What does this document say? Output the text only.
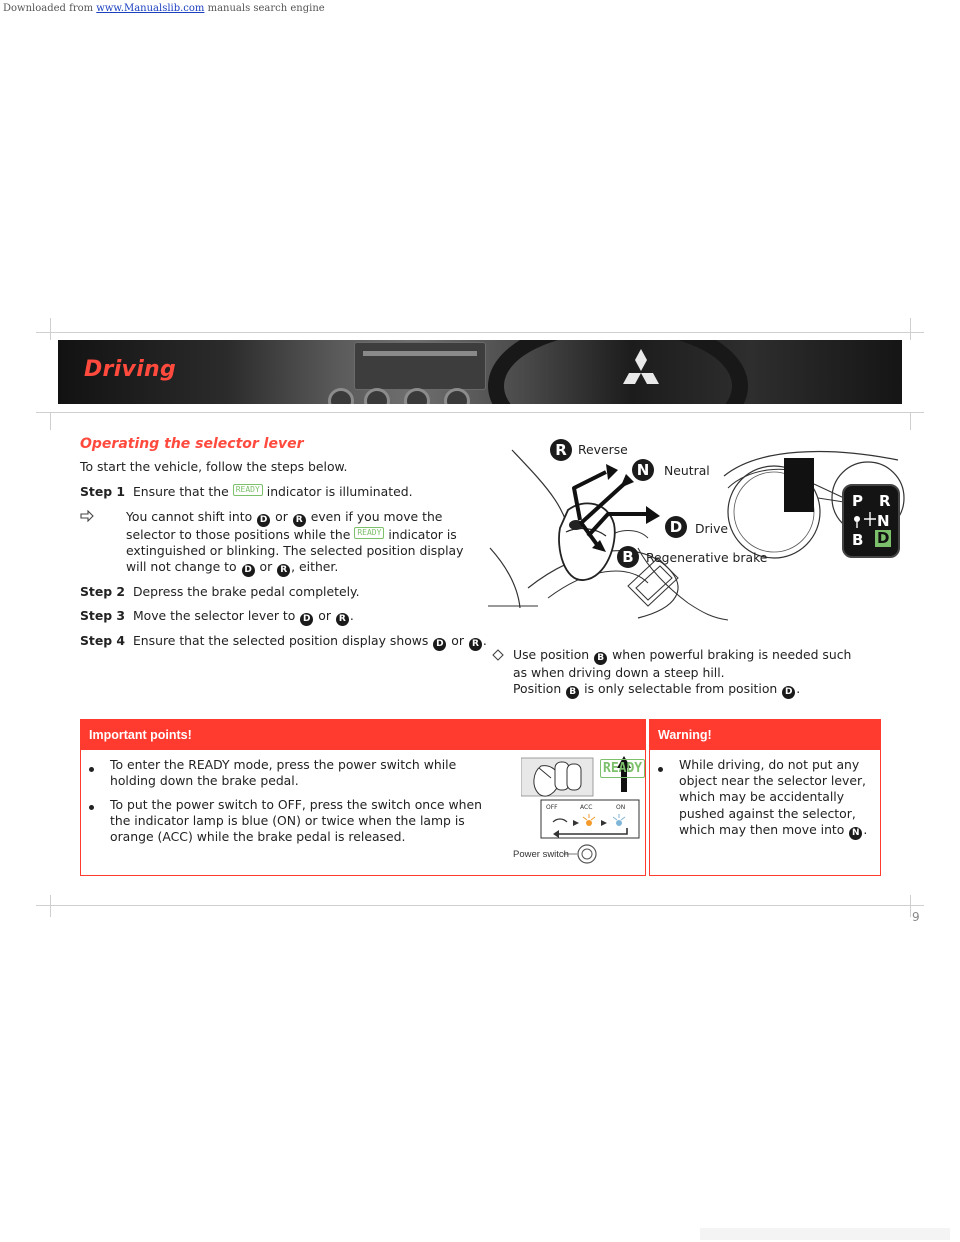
Downloaded from www.Manualslib.com manuals search engine
Driving
Operating the selector lever
To start the vehicle, follow the steps below.
Step 1 Ensure that the READY indicator is illuminated.
You cannot shift into D or R even if you move the
selector to those positions while the READY indicator is
extinguished or blinking. The selected position display
will not change to D or R , either.
Step 2 Depress the brake pedal completely.
Step 3 Move the selector lever to D or R .
Step 4 Ensure that the selected position display shows D or R .
R Reverse
N	Neutral
D	Drive
B Regenerative brake
P R
N
B D
Use position B when powerful braking is needed such
as when driving down a steep hill.
Position B is only selectable from position D .
Important points!
To enter the READY mode, press the power switch while
holding down the brake pedal.
To put the power switch to OFF, press the switch once when
the indicator lamp is blue (ON) or twice when the lamp is
orange (ACC) while the brake pedal is released.
READY
OFF	ACC	ON
Power switch
Warning!
While driving, do not put any
object near the selector lever,
which may be accidentally
pushed against the selector,
which may then move into N .
9
